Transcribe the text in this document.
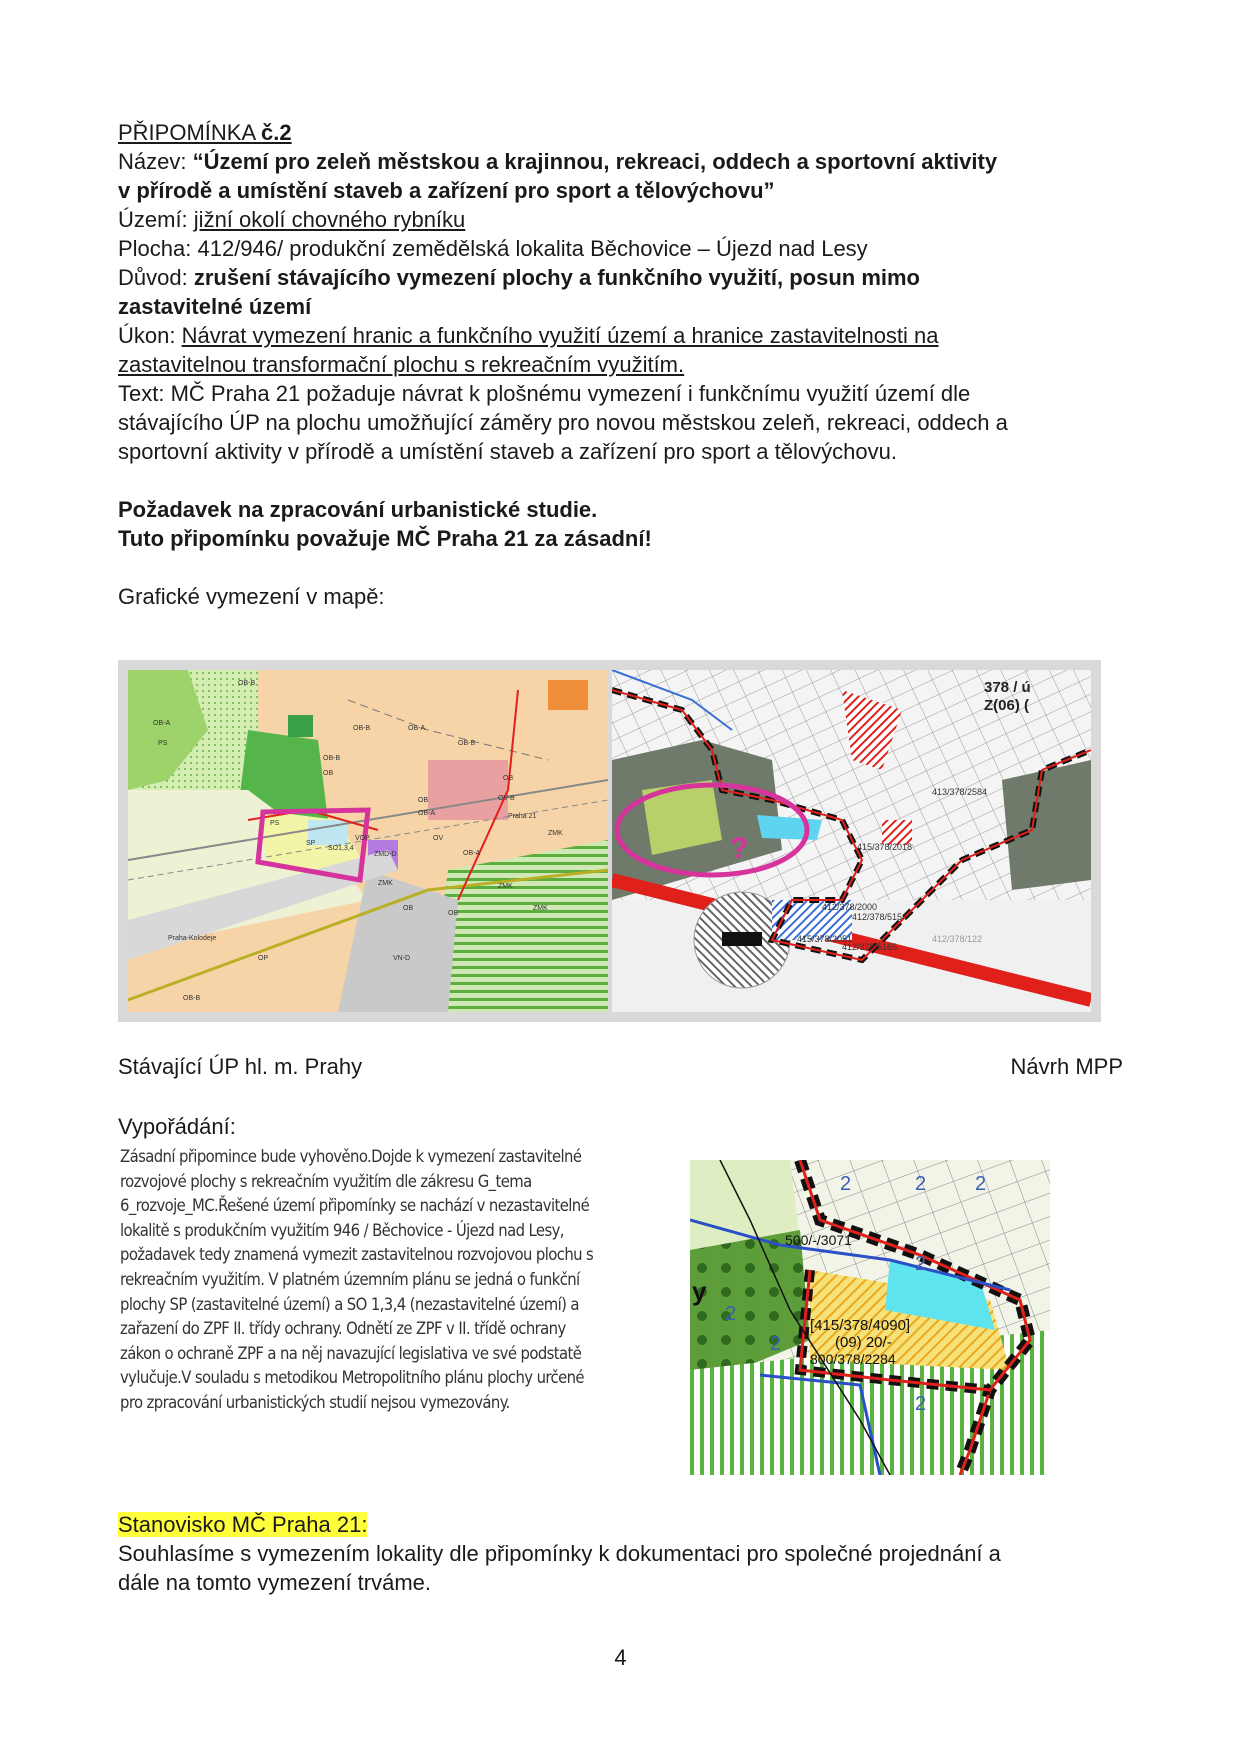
PŘIPOMÍNKA č.2

Název: “Území pro zeleň městskou a krajinnou, rekreaci, oddech a sportovní aktivity

v přírodě a umístění staveb a zařízení pro sport a tělovýchovu”

Území: jižní okolí chovného rybníku

Plocha: 412/946/ produkční zemědělská lokalita Běchovice – Újezd nad Lesy

Důvod: zrušení stávajícího vymezení plochy a funkčního využití, posun mimo

zastavitelné území

Úkon: Návrat vymezení hranic a funkčního využití území a hranice zastavitelnosti na

zastavitelnou transformační plochu s rekreačním využitím.

Text: MČ Praha 21 požaduje návrat k plošnému vymezení i funkčnímu využití území dle

stávajícího ÚP na plochu umožňující záměry pro novou městskou zeleň, rekreaci, oddech a

sportovní aktivity v přírodě a umístění staveb a zařízení pro sport a tělovýchovu.

Požadavek na zpracování urbanistické studie.

Tuto připomínku považuje MČ Praha 21 za zásadní!

Grafické vymezení v mapě:

OB-B
OB-B
OB-B
OB
OB
OB-B
OB-A
OB
OV-B
OB-A
OV
OB-A
PS
PS
SP
SO1,3,4
VOP
ZMD-D
ZMK	ZMK
OB
OB
ZMK
VN-D
OP
OB-B
OB-A
Praha 21
Praha-Kolodeje
ZMK	?
378 / ú
Z(06) (
413/378/2584
415/378/2018
412/378/2000
412/378/5154
415/378/2051
412/378/5165
412/378/122
Stávající ÚP hl. m. Prahy	Návrh MPP
Vypořádání:

Zásadní připomince bude vyhověno.Dojde k vymezení zastavitelné

rozvojové plochy s rekreačním využitím dle zákresu G_tema

6_rozvoje_MC.Řešené území připomínky se nachází v nezastavitelné

lokalitě s produkčním využitím 946 / Běchovice - Újezd nad Lesy,

požadavek tedy znamená vymezit zastavitelnou rozvojovou plochu s

rekreačním využitím. V platném územním plánu se jedná o funkční

plochy SP (zastavitelné území) a SO 1,3,4 (nezastavitelné území) a

zařazení do ZPF II. třídy ochrany. Odnětí ze ZPF v II. třídě ochrany

zákon o ochraně ZPF a na něj navazující legislativa ve své podstatě

vylučuje.V souladu s metodikou Metropolitního plánu plochy určené

pro zpracování urbanistických studií nejsou vymezovány.

500/-/3071
[415/378/4090]
(09) 20/-
800/378/2284
2	2 2
2
2
2
2
y

Stanovisko MČ Praha 21:

Souhlasíme s vymezením lokality dle připomínky k dokumentaci pro společné projednání a

dále na tomto vymezení trváme.

4
